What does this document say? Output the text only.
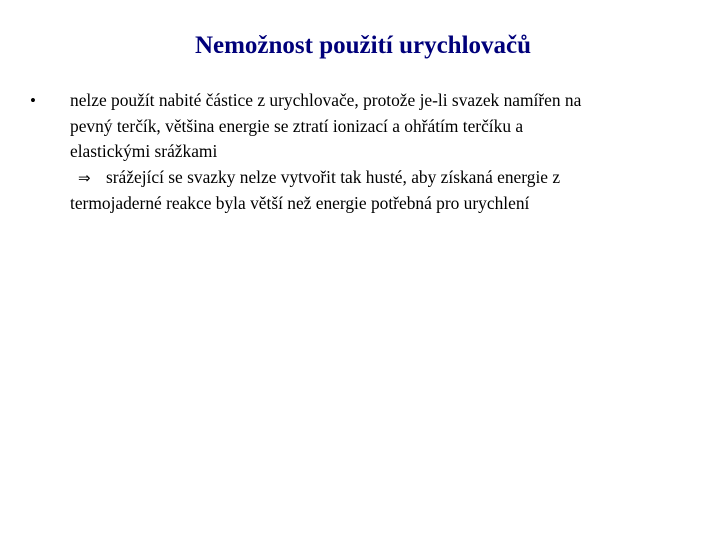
Nemožnost použití urychlovačů
•	nelze použít nabité částice z urychlovače, protože je-li svazek namířen na
pevný terčík, většina energie se ztratí ionizací a ohřátím terčíku a
elastickými srážkami
⇒ srážející se svazky nelze vytvořit tak husté, aby získaná energie z
termojaderné reakce byla větší než energie potřebná pro urychlení
